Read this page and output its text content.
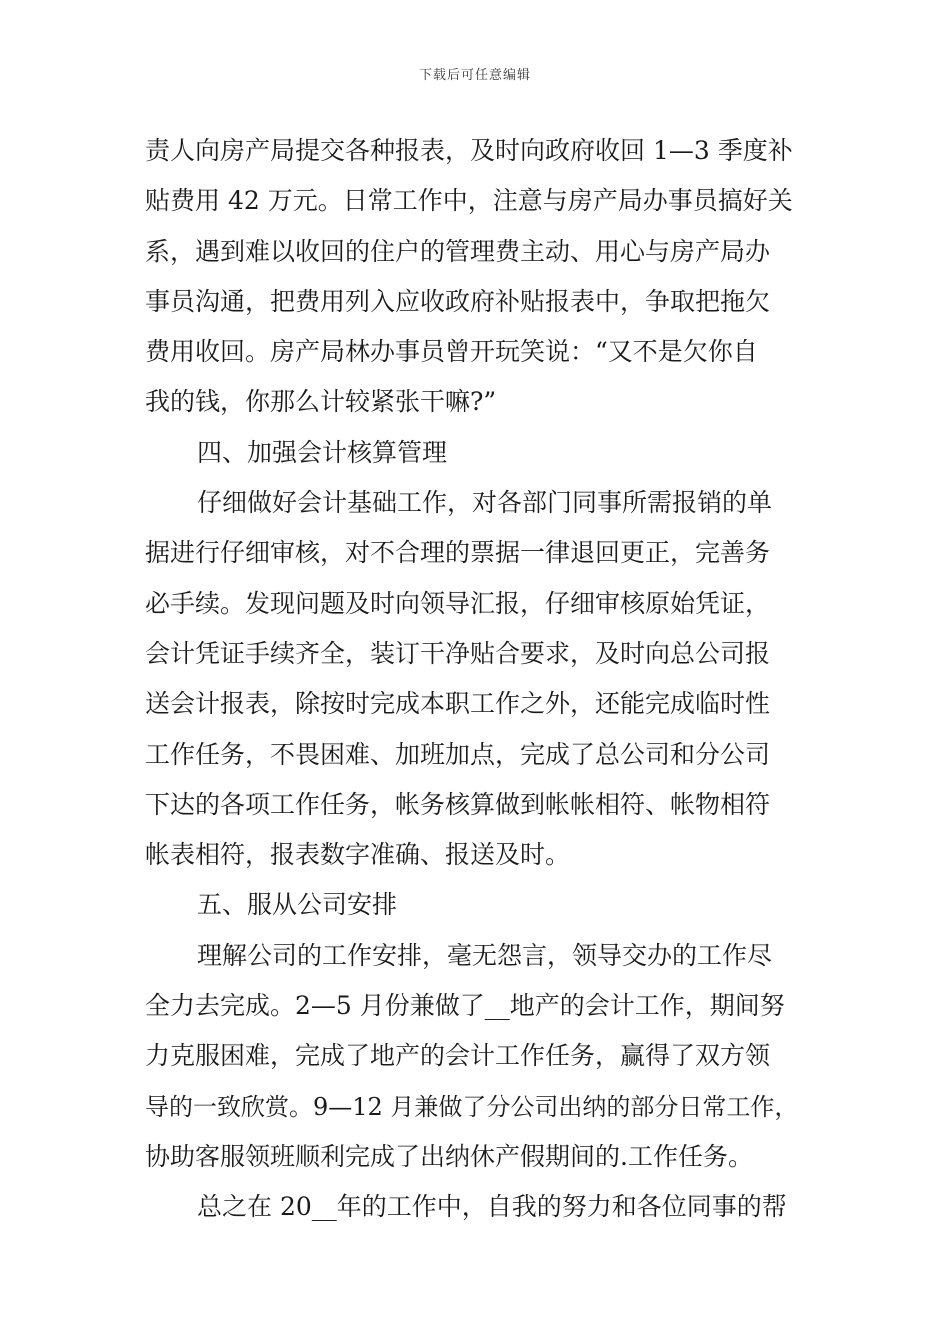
下载后可任意编辑
责人向房产局提交各种报表，及时向政府收回 1—3 季度补
贴费用 42 万元。日常工作中，注意与房产局办事员搞好关
系，遇到难以收回的住户的管理费主动、用心与房产局办
事员沟通，把费用列入应收政府补贴报表中，争取把拖欠
费用收回。房产局林办事员曾开玩笑说：“又不是欠你自
我的钱，你那么计较紧张干嘛?”
四、加强会计核算管理
仔细做好会计基础工作，对各部门同事所需报销的单
据进行仔细审核，对不合理的票据一律退回更正，完善务
必手续。发现问题及时向领导汇报，仔细审核原始凭证，
会计凭证手续齐全，装订干净贴合要求，及时向总公司报
送会计报表，除按时完成本职工作之外，还能完成临时性
工作任务，不畏困难、加班加点，完成了总公司和分公司
下达的各项工作任务，帐务核算做到帐帐相符、帐物相符
帐表相符，报表数字准确、报送及时。
五、服从公司安排
理解公司的工作安排，毫无怨言，领导交办的工作尽
全力去完成。2—5 月份兼做了__地产的会计工作，期间努
力克服困难，完成了地产的会计工作任务，赢得了双方领
导的一致欣赏。9—12 月兼做了分公司出纳的部分日常工作，
协助客服领班顺利完成了出纳休产假期间的.工作任务。
总之在 20__年的工作中，自我的努力和各位同事的帮
